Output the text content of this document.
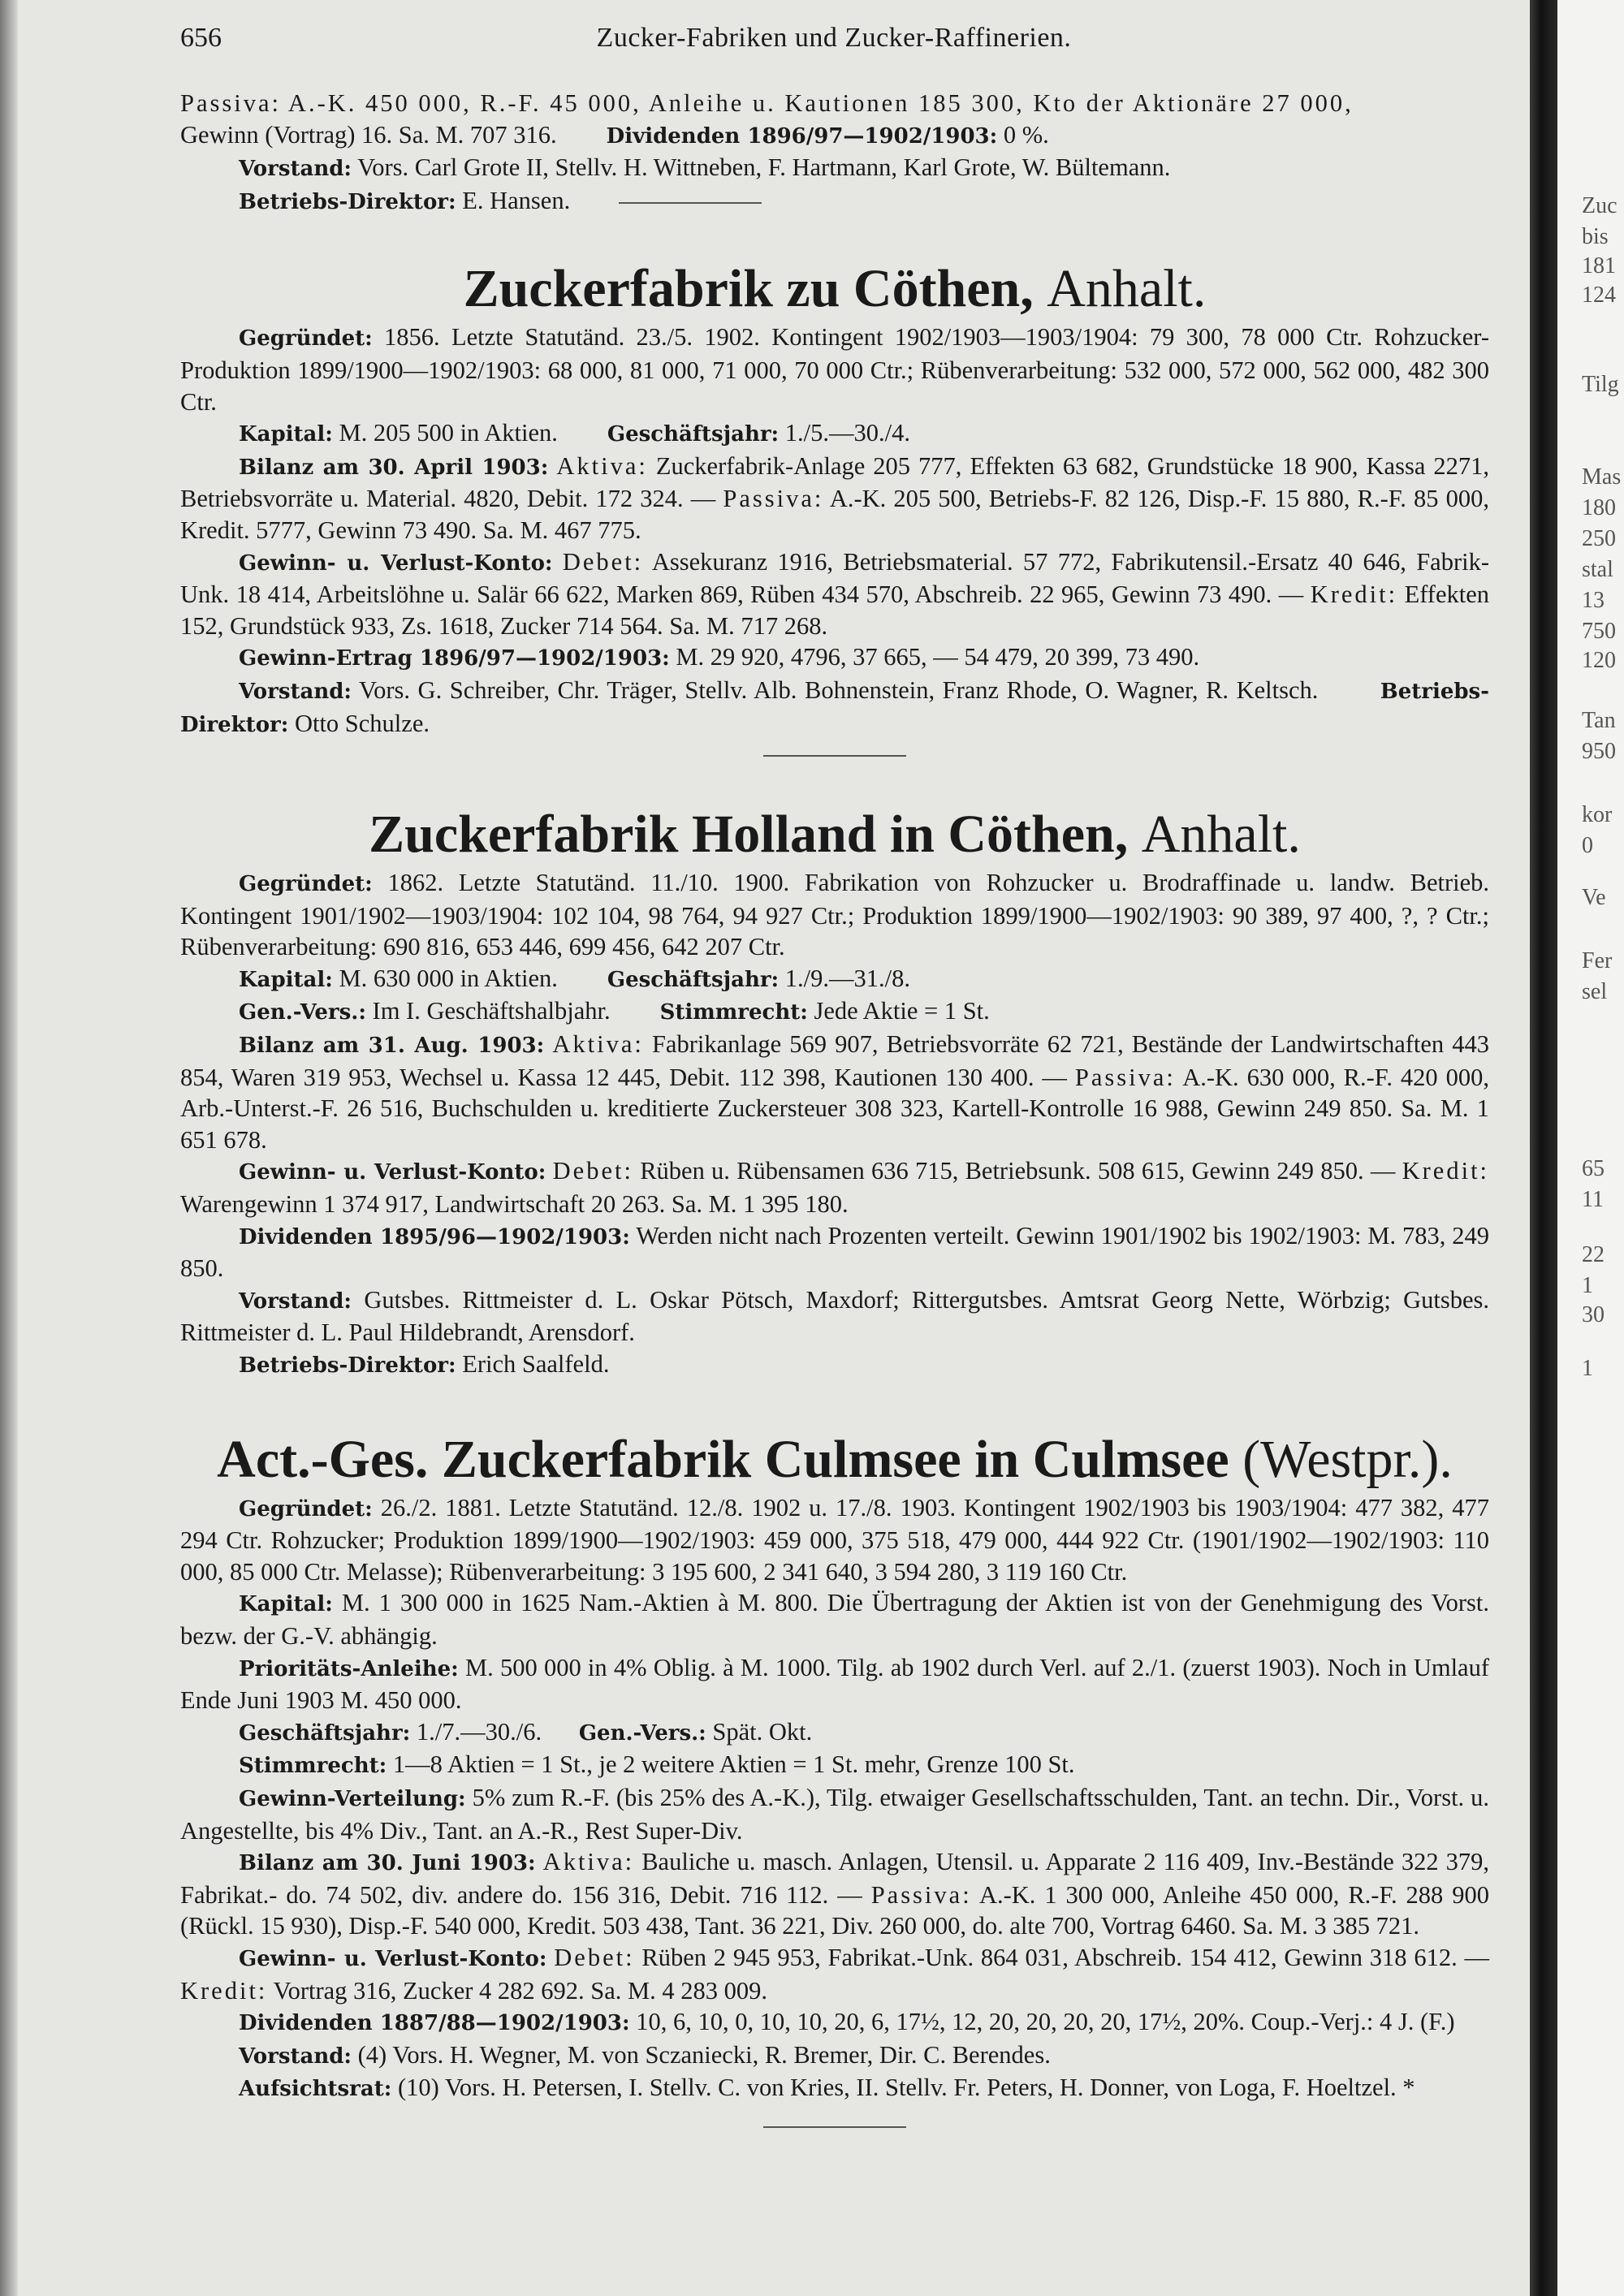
Zuc
bis
181
124
Tilg
Mas
180
250
stal
13
750
120
Tan
950
kor
0
Ve
Fer
sel
65
11
22
1
30
1
656	Zucker-Fabriken und Zucker-Raffinerien.

Passiva: A.-K. 450 000, R.-F. 45 000, Anleihe u. Kautionen 185 300, Kto der Aktionäre 27 000,

Gewinn (Vortrag) 16. Sa. M. 707 316. Dividenden 1896/97—1902/1903: 0 %.

Vorstand: Vors. Carl Grote II, Stellv. H. Wittneben, F. Hartmann, Karl Grote, W. Bültemann.

Betriebs-Direktor: E. Hansen.

Zuckerfabrik zu Cöthen, Anhalt.

Gegründet: 1856. Letzte Statutänd. 23./5. 1902. Kontingent 1902/1903—1903/1904: 79 300, 78 000 Ctr. Rohzucker-Produktion 1899/1900—1902/1903: 68 000, 81 000, 71 000, 70 000 Ctr.; Rübenverarbeitung: 532 000, 572 000, 562 000, 482 300 Ctr.

Kapital: M. 205 500 in Aktien. Geschäftsjahr: 1./5.—30./4.

Bilanz am 30. April 1903: Aktiva: Zuckerfabrik-Anlage 205 777, Effekten 63 682, Grundstücke 18 900, Kassa 2271, Betriebsvorräte u. Material. 4820, Debit. 172 324. — Passiva: A.-K. 205 500, Betriebs-F. 82 126, Disp.-F. 15 880, R.-F. 85 000, Kredit. 5777, Gewinn 73 490. Sa. M. 467 775.

Gewinn- u. Verlust-Konto: Debet: Assekuranz 1916, Betriebsmaterial. 57 772, Fabrikutensil.-Ersatz 40 646, Fabrik-Unk. 18 414, Arbeitslöhne u. Salär 66 622, Marken 869, Rüben 434 570, Abschreib. 22 965, Gewinn 73 490. — Kredit: Effekten 152, Grundstück 933, Zs. 1618, Zucker 714 564. Sa. M. 717 268.

Gewinn-Ertrag 1896/97—1902/1903: M. 29 920, 4796, 37 665, — 54 479, 20 399, 73 490.

Vorstand: Vors. G. Schreiber, Chr. Träger, Stellv. Alb. Bohnenstein, Franz Rhode, O. Wagner, R. Keltsch.	Betriebs-Direktor: Otto Schulze.

Zuckerfabrik Holland in Cöthen, Anhalt.

Gegründet: 1862. Letzte Statutänd. 11./10. 1900. Fabrikation von Rohzucker u. Brodraffinade u. landw. Betrieb. Kontingent 1901/1902—1903/1904: 102 104, 98 764, 94 927 Ctr.; Produktion 1899/1900—1902/1903: 90 389, 97 400, ?, ? Ctr.; Rübenverarbeitung: 690 816, 653 446, 699 456, 642 207 Ctr.

Kapital: M. 630 000 in Aktien. Geschäftsjahr: 1./9.—31./8.

Gen.-Vers.: Im I. Geschäftshalbjahr. Stimmrecht: Jede Aktie = 1 St.

Bilanz am 31. Aug. 1903: Aktiva: Fabrikanlage 569 907, Betriebsvorräte 62 721, Bestände der Landwirtschaften 443 854, Waren 319 953, Wechsel u. Kassa 12 445, Debit. 112 398, Kautionen 130 400. — Passiva: A.-K. 630 000, R.-F. 420 000, Arb.-Unterst.-F. 26 516, Buchschulden u. kreditierte Zuckersteuer 308 323, Kartell-Kontrolle 16 988, Gewinn 249 850. Sa. M. 1 651 678.

Gewinn- u. Verlust-Konto: Debet: Rüben u. Rübensamen 636 715, Betriebsunk. 508 615, Gewinn 249 850. — Kredit: Warengewinn 1 374 917, Landwirtschaft 20 263. Sa. M. 1 395 180.

Dividenden 1895/96—1902/1903: Werden nicht nach Prozenten verteilt. Gewinn 1901/1902 bis 1902/1903: M. 783, 249 850.

Vorstand: Gutsbes. Rittmeister d. L. Oskar Pötsch, Maxdorf; Rittergutsbes. Amtsrat Georg Nette, Wörbzig; Gutsbes. Rittmeister d. L. Paul Hildebrandt, Arensdorf.

Betriebs-Direktor: Erich Saalfeld.

Act.-Ges. Zuckerfabrik Culmsee in Culmsee (Westpr.).

Gegründet: 26./2. 1881. Letzte Statutänd. 12./8. 1902 u. 17./8. 1903. Kontingent 1902/1903 bis 1903/1904: 477 382, 477 294 Ctr. Rohzucker; Produktion 1899/1900—1902/1903: 459 000, 375 518, 479 000, 444 922 Ctr. (1901/1902—1902/1903: 110 000, 85 000 Ctr. Melasse); Rübenverarbeitung: 3 195 600, 2 341 640, 3 594 280, 3 119 160 Ctr.

Kapital: M. 1 300 000 in 1625 Nam.-Aktien à M. 800. Die Übertragung der Aktien ist von der Genehmigung des Vorst. bezw. der G.-V. abhängig.

Prioritäts-Anleihe: M. 500 000 in 4% Oblig. à M. 1000. Tilg. ab 1902 durch Verl. auf 2./1. (zuerst 1903). Noch in Umlauf Ende Juni 1903 M. 450 000.

Geschäftsjahr: 1./7.—30./6. Gen.-Vers.: Spät. Okt.

Stimmrecht: 1—8 Aktien = 1 St., je 2 weitere Aktien = 1 St. mehr, Grenze 100 St.

Gewinn-Verteilung: 5% zum R.-F. (bis 25% des A.-K.), Tilg. etwaiger Gesellschaftsschulden, Tant. an techn. Dir., Vorst. u. Angestellte, bis 4% Div., Tant. an A.-R., Rest Super-Div.

Bilanz am 30. Juni 1903: Aktiva: Bauliche u. masch. Anlagen, Utensil. u. Apparate 2 116 409, Inv.-Bestände 322 379, Fabrikat.- do. 74 502, div. andere do. 156 316, Debit. 716 112. — Passiva: A.-K. 1 300 000, Anleihe 450 000, R.-F. 288 900 (Rückl. 15 930), Disp.-F. 540 000, Kredit. 503 438, Tant. 36 221, Div. 260 000, do. alte 700, Vortrag 6460. Sa. M. 3 385 721.

Gewinn- u. Verlust-Konto: Debet: Rüben 2 945 953, Fabrikat.-Unk. 864 031, Abschreib. 154 412, Gewinn 318 612. — Kredit: Vortrag 316, Zucker 4 282 692. Sa. M. 4 283 009.

Dividenden 1887/88—1902/1903: 10, 6, 10, 0, 10, 10, 20, 6, 17½, 12, 20, 20, 20, 20, 17½, 20%. Coup.-Verj.: 4 J. (F.)

Vorstand: (4) Vors. H. Wegner, M. von Sczaniecki, R. Bremer, Dir. C. Berendes.

Aufsichtsrat: (10) Vors. H. Petersen, I. Stellv. C. von Kries, II. Stellv. Fr. Peters, H. Donner, von Loga, F. Hoeltzel. *
